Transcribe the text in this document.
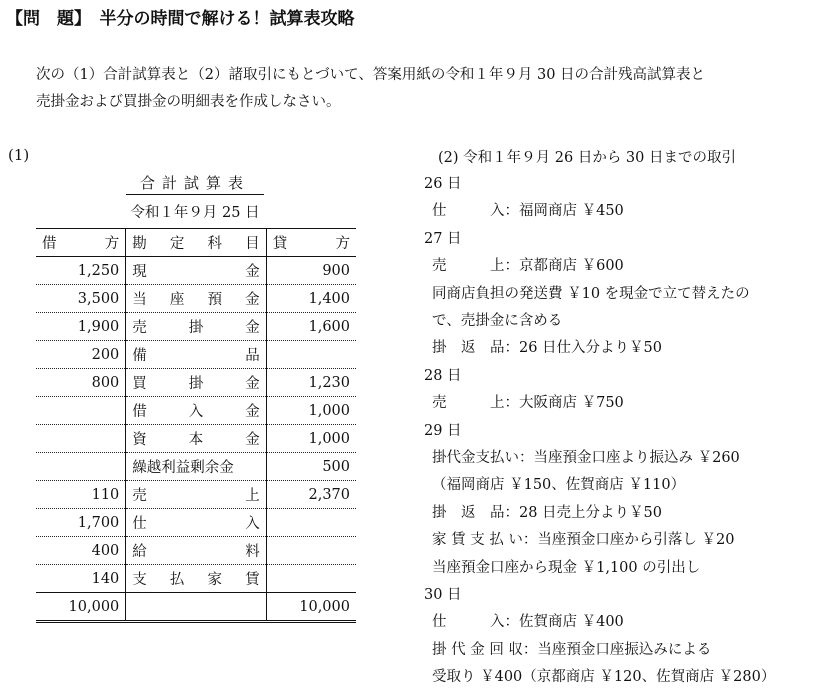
【問　題】　半分の時間で解ける！試算表攻略
次の（1）合計試算表と（2）諸取引にもとづいて、答案用紙の令和１年９月 30 日の合計残高試算表と
売掛金および買掛金の明細表を作成しなさい。
(1)
合計試算表
令和１年９月 25 日
借 方	勘 定 科 目	貸 方

1,250	現 金	900
3,500	当 座 預 金	1,400
1,900	売 掛 金	1,600
200	備 品	

800	買 掛 金	1,230

	借 入 金	1,000

	資 本 金	1,000

	繰越利益剰余金	500
110	売 上	2,370
1,700	仕 入	

400	給 料	

140	支 払 家 賃	

10,000		10,000
(2) 令和１年９月 26 日から 30 日までの取引
26 日
仕　　　入：福岡商店 ￥450
27 日
売　　　上：京都商店 ￥600
同商店負担の発送費 ￥10 を現金で立て替えたの
で、売掛金に含める
掛　返　品：26 日仕入分より￥50
28 日
売　　　上：大阪商店 ￥750
29 日
掛代金支払い：当座預金口座より振込み ￥260
（福岡商店 ￥150、佐賀商店 ￥110）
掛　返　品：28 日売上分より￥50
家 賃 支 払 い：当座預金口座から引落し ￥20
当座預金口座から現金 ￥1,100 の引出し
30 日
仕　　　入：佐賀商店 ￥400
掛 代 金 回 収：当座預金口座振込みによる
受取り ￥400（京都商店 ￥120、佐賀商店 ￥280）
